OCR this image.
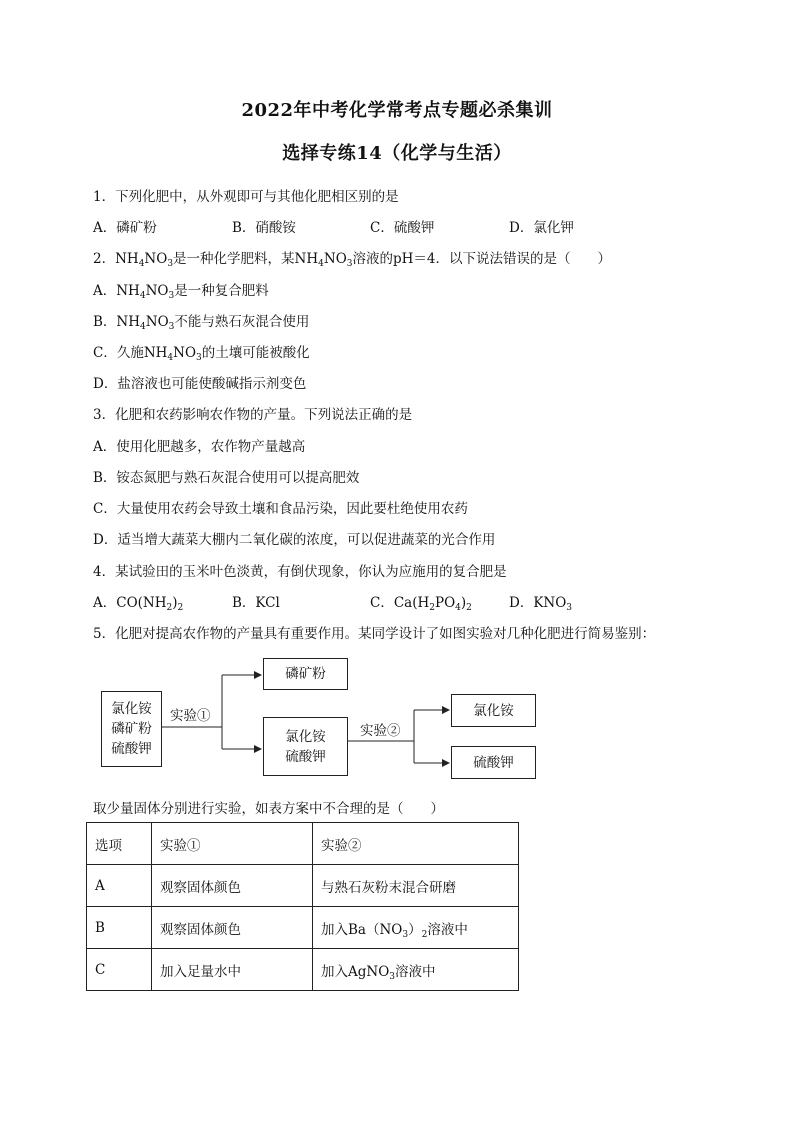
2022年中考化学常考点专题必杀集训
选择专练14（化学与生活）
1．下列化肥中，从外观即可与其他化肥相区别的是
A．磷矿粉	B．硝酸铵	C．硫酸钾	D．氯化钾
2．$NH_4NO_3$是一种化学肥料，某$NH_4NO_3$溶液的pH＝4．以下说法错误的是（　　）
A．$NH_4NO_3$是一种复合肥料
B．$NH_4NO_3$不能与熟石灰混合使用
C．久施$NH_4NO_3$的土壤可能被酸化
D．盐溶液也可能使酸碱指示剂变色
3．化肥和农药影响农作物的产量。下列说法正确的是
A．使用化肥越多，农作物产量越高
B．铵态氮肥与熟石灰混合使用可以提高肥效
C．大量使用农药会导致土壤和食品污染，因此要杜绝使用农药
D．适当增大蔬菜大棚内二氧化碳的浓度，可以促进蔬菜的光合作用
4．某试验田的玉米叶色淡黄，有倒伏现象，你认为应施用的复合肥是
A．$CO(NH_2)_2$	B．KCl	C．$Ca(H_2PO_4)_2$	D．$KNO_3$
5．化肥对提高农作物的产量具有重要作用。某同学设计了如图实验对几种化肥进行简易鉴别：
氯化铵
磷矿粉
硫酸钾
实验①
磷矿粉
氯化铵
硫酸钾
实验②
氯化铵
硫酸钾
取少量固体分别进行实验，如表方案中不合理的是（　　）
选项	实验①	实验②
A	观察固体颜色	与熟石灰粉末混合研磨
B	观察固体颜色	加入$Ba(NO_3)_2$溶液中
C	加入足量水中	加入AgNO$_3$溶液中
